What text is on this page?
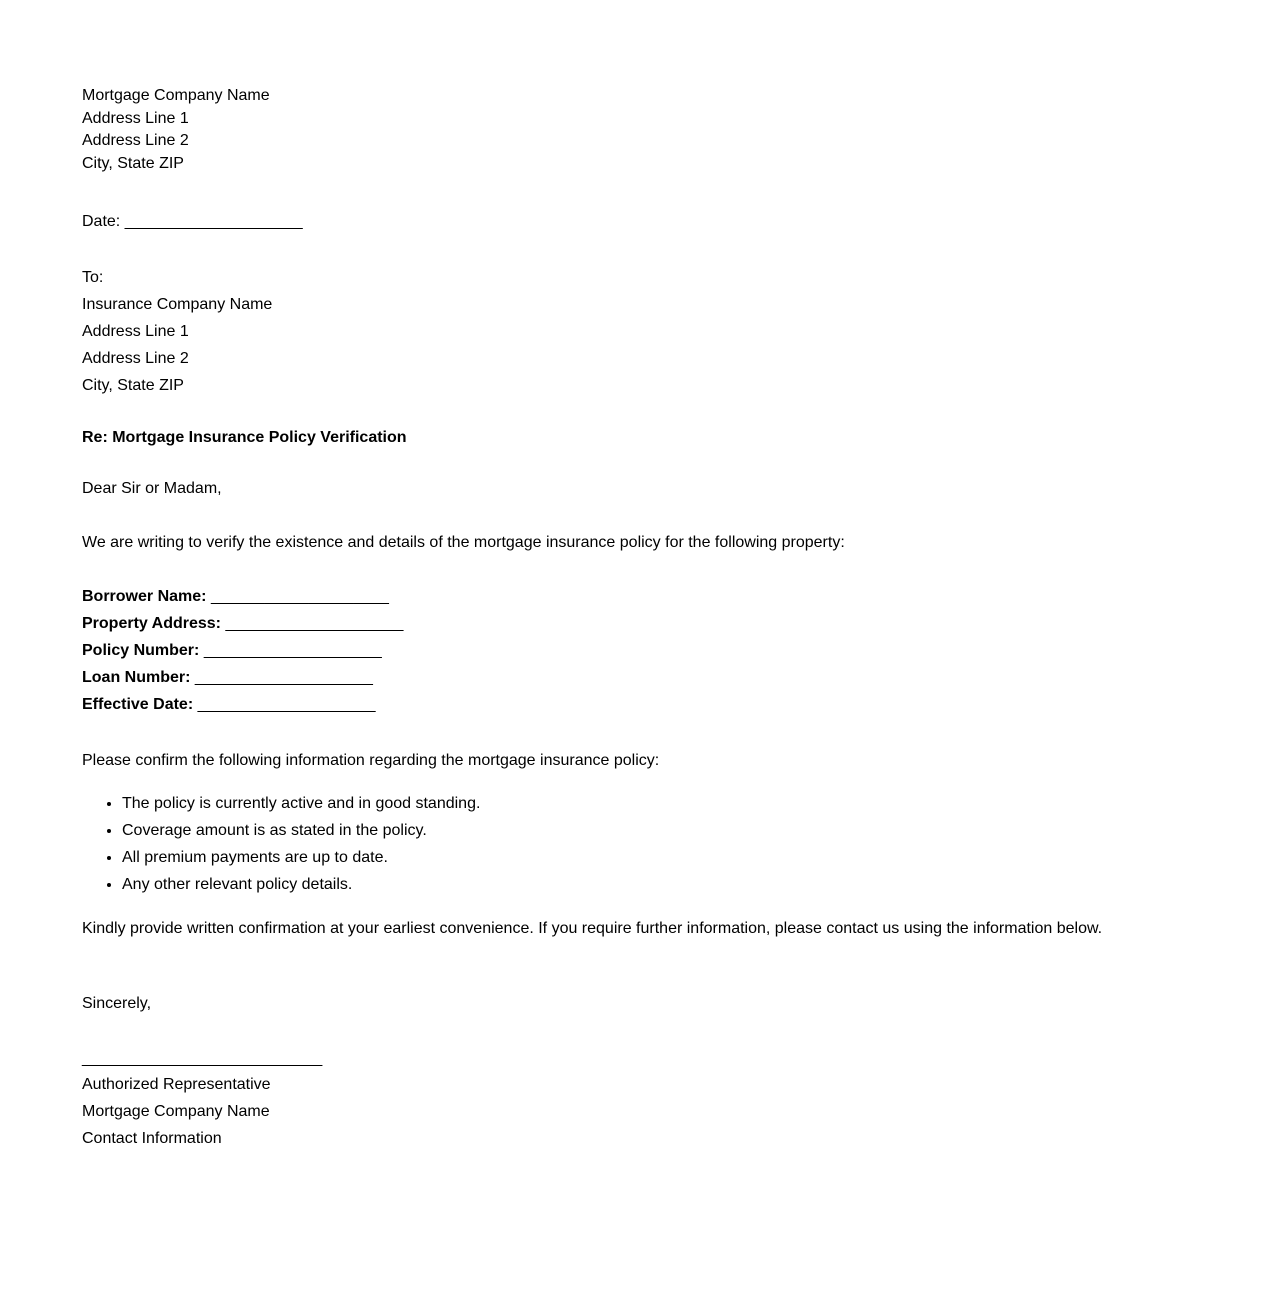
Mortgage Company Name
Address Line 1
Address Line 2
City, State ZIP
Date: ____________________
To:
Insurance Company Name
Address Line 1
Address Line 2
City, State ZIP
Re: Mortgage Insurance Policy Verification
Dear Sir or Madam,
We are writing to verify the existence and details of the mortgage insurance policy for the following property:
Borrower Name: ____________________
Property Address: ____________________
Policy Number: ____________________
Loan Number: ____________________
Effective Date: ____________________
Please confirm the following information regarding the mortgage insurance policy:
• The policy is currently active and in good standing.
• Coverage amount is as stated in the policy.
• All premium payments are up to date.
• Any other relevant policy details.
Kindly provide written confirmation at your earliest convenience. If you require further information, please contact us using the information below.
Sincerely,
___________________________
Authorized Representative
Mortgage Company Name
Contact Information
